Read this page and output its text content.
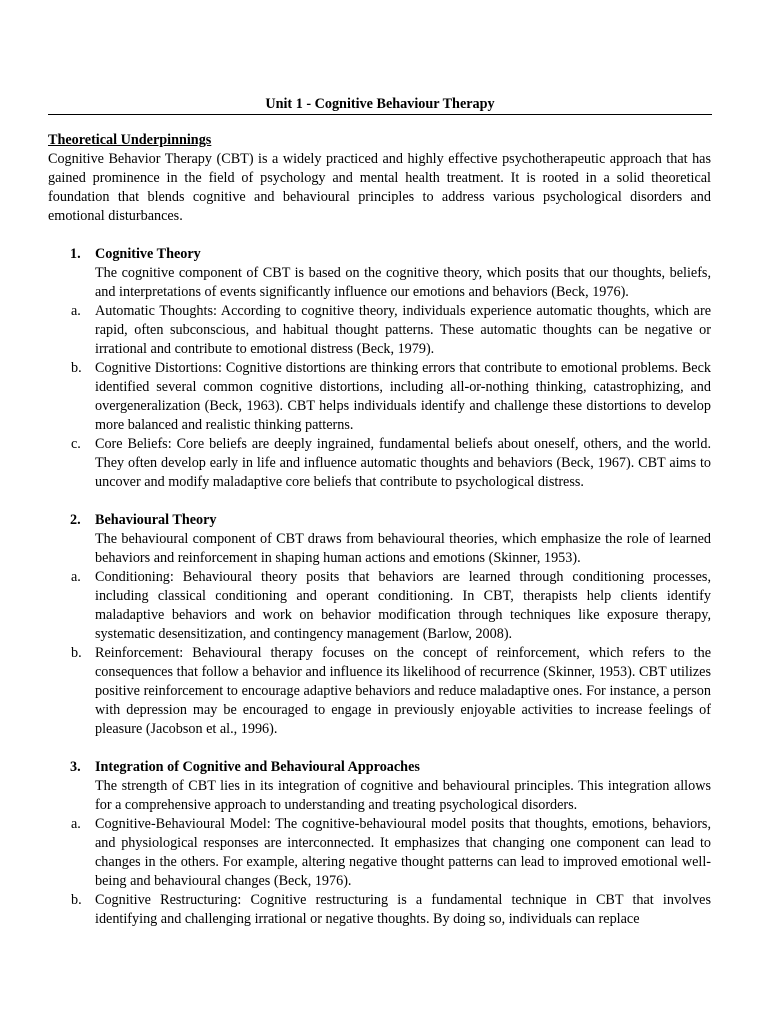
Unit 1 - Cognitive Behaviour Therapy

Theoretical Underpinnings

Cognitive Behavior Therapy (CBT) is a widely practiced and highly effective psychotherapeutic approach that has gained prominence in the field of psychology and mental health treatment. It is rooted in a solid theoretical foundation that blends cognitive and behavioural principles to address various psychological disorders and emotional disturbances.

1. Cognitive Theory

The cognitive component of CBT is based on the cognitive theory, which posits that our thoughts, beliefs, and interpretations of events significantly influence our emotions and behaviors (Beck, 1976).

a. Automatic Thoughts: According to cognitive theory, individuals experience automatic thoughts, which are rapid, often subconscious, and habitual thought patterns. These automatic thoughts can be negative or irrational and contribute to emotional distress (Beck, 1979).

b. Cognitive Distortions: Cognitive distortions are thinking errors that contribute to emotional problems. Beck identified several common cognitive distortions, including all-or-nothing thinking, catastrophizing, and overgeneralization (Beck, 1963). CBT helps individuals identify and challenge these distortions to develop more balanced and realistic thinking patterns.

c. Core Beliefs: Core beliefs are deeply ingrained, fundamental beliefs about oneself, others, and the world. They often develop early in life and influence automatic thoughts and behaviors (Beck, 1967). CBT aims to uncover and modify maladaptive core beliefs that contribute to psychological distress.

2. Behavioural Theory

The behavioural component of CBT draws from behavioural theories, which emphasize the role of learned behaviors and reinforcement in shaping human actions and emotions (Skinner, 1953).

a. Conditioning: Behavioural theory posits that behaviors are learned through conditioning processes, including classical conditioning and operant conditioning. In CBT, therapists help clients identify maladaptive behaviors and work on behavior modification through techniques like exposure therapy, systematic desensitization, and contingency management (Barlow, 2008).

b. Reinforcement: Behavioural therapy focuses on the concept of reinforcement, which refers to the consequences that follow a behavior and influence its likelihood of recurrence (Skinner, 1953). CBT utilizes positive reinforcement to encourage adaptive behaviors and reduce maladaptive ones. For instance, a person with depression may be encouraged to engage in previously enjoyable activities to increase feelings of pleasure (Jacobson et al., 1996).

3. Integration of Cognitive and Behavioural Approaches

The strength of CBT lies in its integration of cognitive and behavioural principles. This integration allows for a comprehensive approach to understanding and treating psychological disorders.

a. Cognitive-Behavioural Model: The cognitive-behavioural model posits that thoughts, emotions, behaviors, and physiological responses are interconnected. It emphasizes that changing one component can lead to changes in the others. For example, altering negative thought patterns can lead to improved emotional well-being and behavioural changes (Beck, 1976).

b. Cognitive Restructuring: Cognitive restructuring is a fundamental technique in CBT that involves identifying and challenging irrational or negative thoughts. By doing so, individuals can replace
